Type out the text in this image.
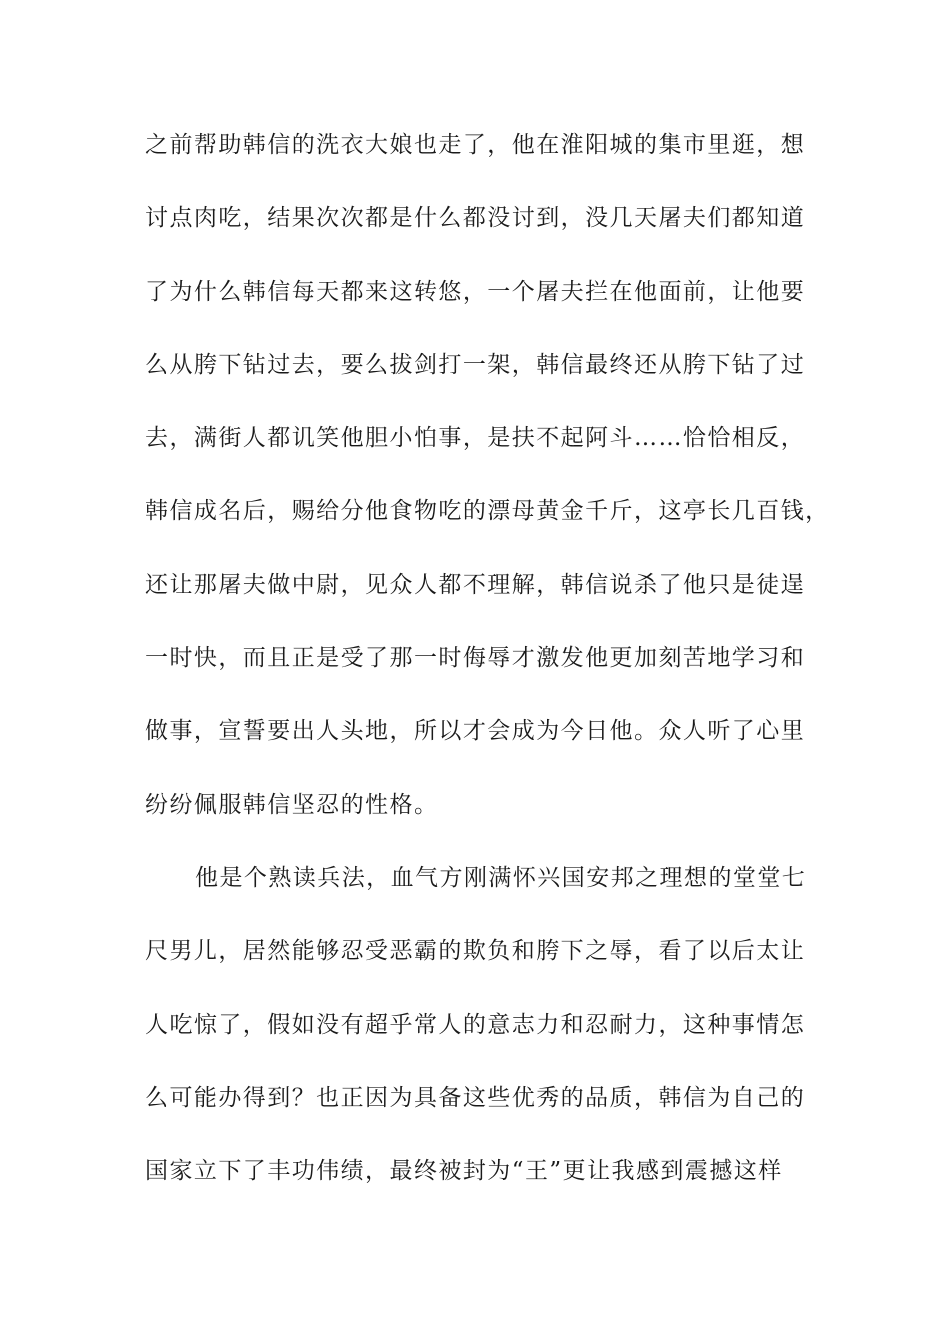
之前帮助韩信的洗衣大娘也走了，他在淮阳城的集市里逛，想
讨点肉吃，结果次次都是什么都没讨到，没几天屠夫们都知道
了为什么韩信每天都来这转悠，一个屠夫拦在他面前，让他要
么从胯下钻过去，要么拔剑打一架，韩信最终还从胯下钻了过
去，满街人都讥笑他胆小怕事，是扶不起阿斗……恰恰相反，
韩信成名后，赐给分他食物吃的漂母黄金千斤，这亭长几百钱，
还让那屠夫做中尉，见众人都不理解，韩信说杀了他只是徒逞
一时快，而且正是受了那一时侮辱才激发他更加刻苦地学习和
做事，宣誓要出人头地，所以才会成为今日他。众人听了心里
纷纷佩服韩信坚忍的性格。
他是个熟读兵法，血气方刚满怀兴国安邦之理想的堂堂七
尺男儿，居然能够忍受恶霸的欺负和胯下之辱，看了以后太让
人吃惊了，假如没有超乎常人的意志力和忍耐力，这种事情怎
么可能办得到？也正因为具备这些优秀的品质，韩信为自己的
国家立下了丰功伟绩，最终被封为“王”更让我感到震撼这样
